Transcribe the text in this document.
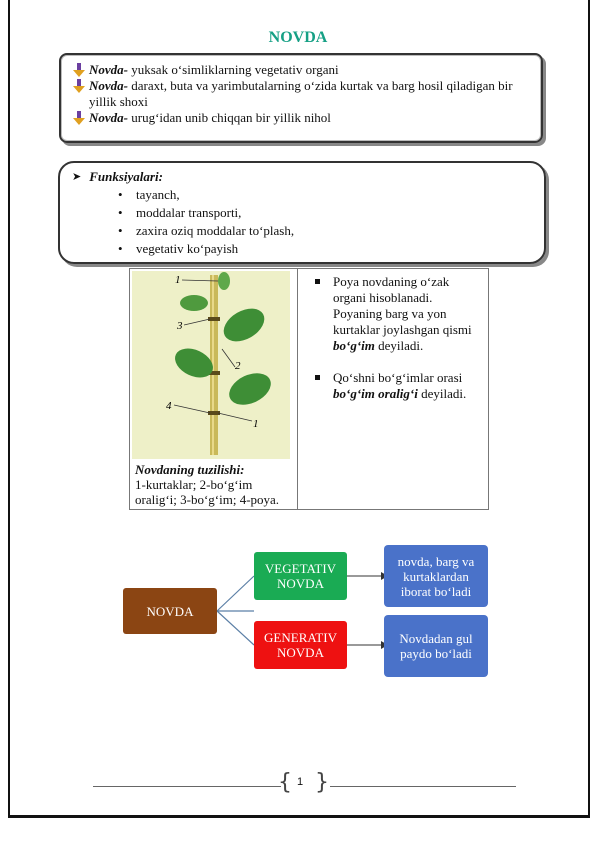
NOVDA
Novda- yuksak o‘simliklarning vegetativ organi
Novda- daraxt, buta va yarimbutalarning o‘zida kurtak va barg hosil qiladigan bir yillik shoxi
Novda- urug‘idan unib chiqqan bir yillik nihol
➤ Funksiyalari:
• tayanch,
• moddalar transporti,
• zaxira oziq moddalar to‘plash,
• vegetativ ko‘payish
1
3
2
4
1
Novdaning tuzilishi:
1-kurtaklar; 2-bo‘g‘im oralig‘i; 3-bo‘g‘im; 4-poya.

Poya novdaning o‘zak organi hisoblanadi. Poyaning barg va yon kurtaklar joylashgan qismi bo‘g‘im deyiladi.

Qo‘shni bo‘g‘imlar orasi bo‘g‘im oralig‘i deyiladi.

NOVDA
VEGETATIV NOVDA
GENERATIV NOVDA
novda, barg va kurtaklardan iborat bo‘ladi
Novdadan gul paydo bo‘ladi
{ }
1
